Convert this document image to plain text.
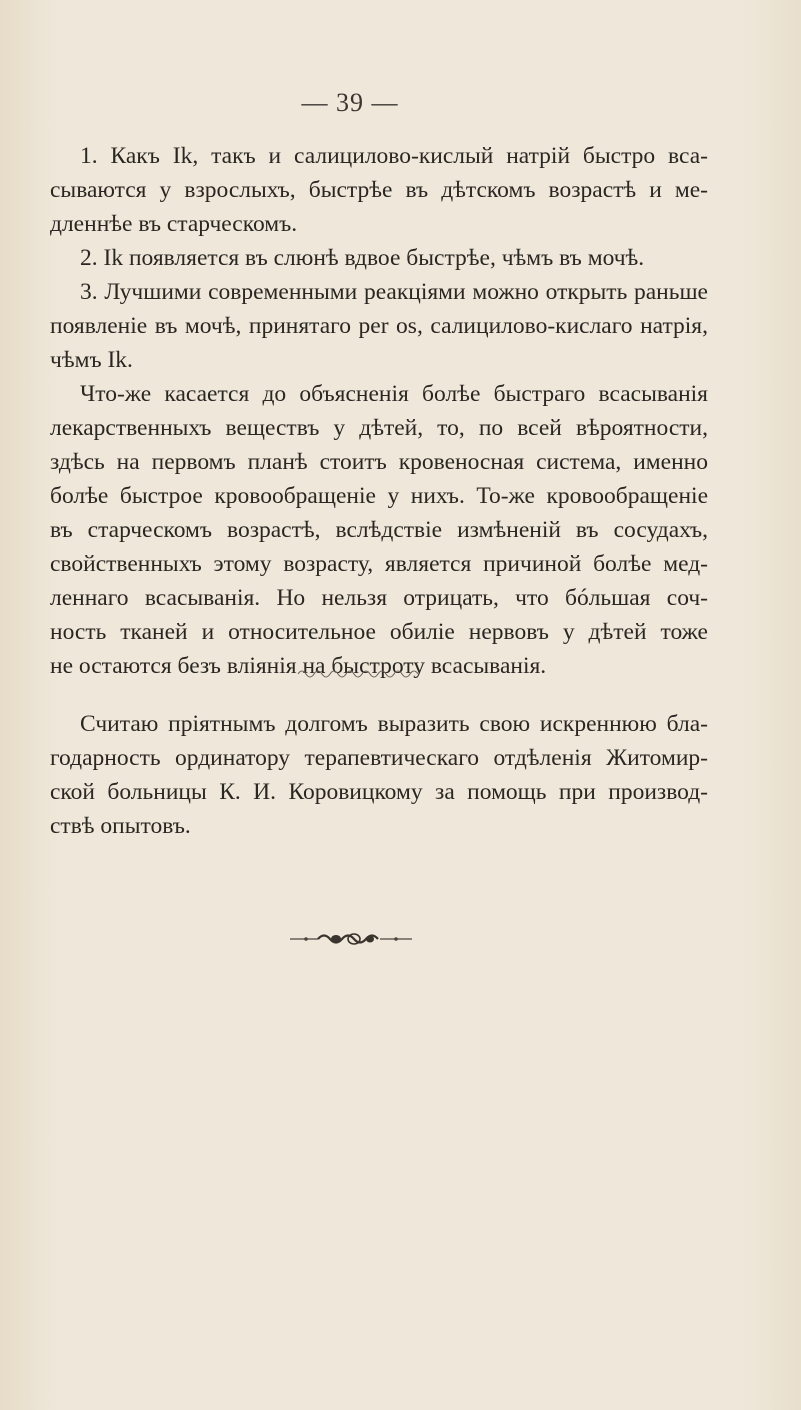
— 39 —
1. Какъ Ik, такъ и салицилово-кислый натрій быстро вса-
сываются у взрослыхъ, быстрѣе въ дѣтскомъ возрастѣ и ме-
дленнѣе въ старческомъ.
2. Ik появляется въ слюнѣ вдвое быстрѣе, чѣмъ въ мочѣ.
3. Лучшими современными реакціями можно открыть раньше
появленіе въ мочѣ, принятаго per os, салицилово-кислаго натрія,
чѣмъ Ik.
Что-же касается до объясненія болѣе быстраго всасыванія
лекарственныхъ веществъ у дѣтей, то, по всей вѣроятности,
здѣсь на первомъ планѣ стоитъ кровеносная система, именно
болѣе быстрое кровообращеніе у нихъ. То-же кровообращеніе
въ старческомъ возрастѣ, вслѣдствіе измѣненій въ сосудахъ,
свойственныхъ этому возрасту, является причиной болѣе мед-
леннаго всасыванія. Но нельзя отрицать, что бóльшая соч-
ность тканей и относительное обиліе нервовъ у дѣтей тоже
не остаются безъ вліянія на быстроту всасыванія.
Считаю пріятнымъ долгомъ выразить свою искреннюю бла-
годарность ординатору терапевтическаго отдѣленія Житомир-
ской больницы К. И. Коровицкому за помощь при производ-
ствѣ опытовъ.
